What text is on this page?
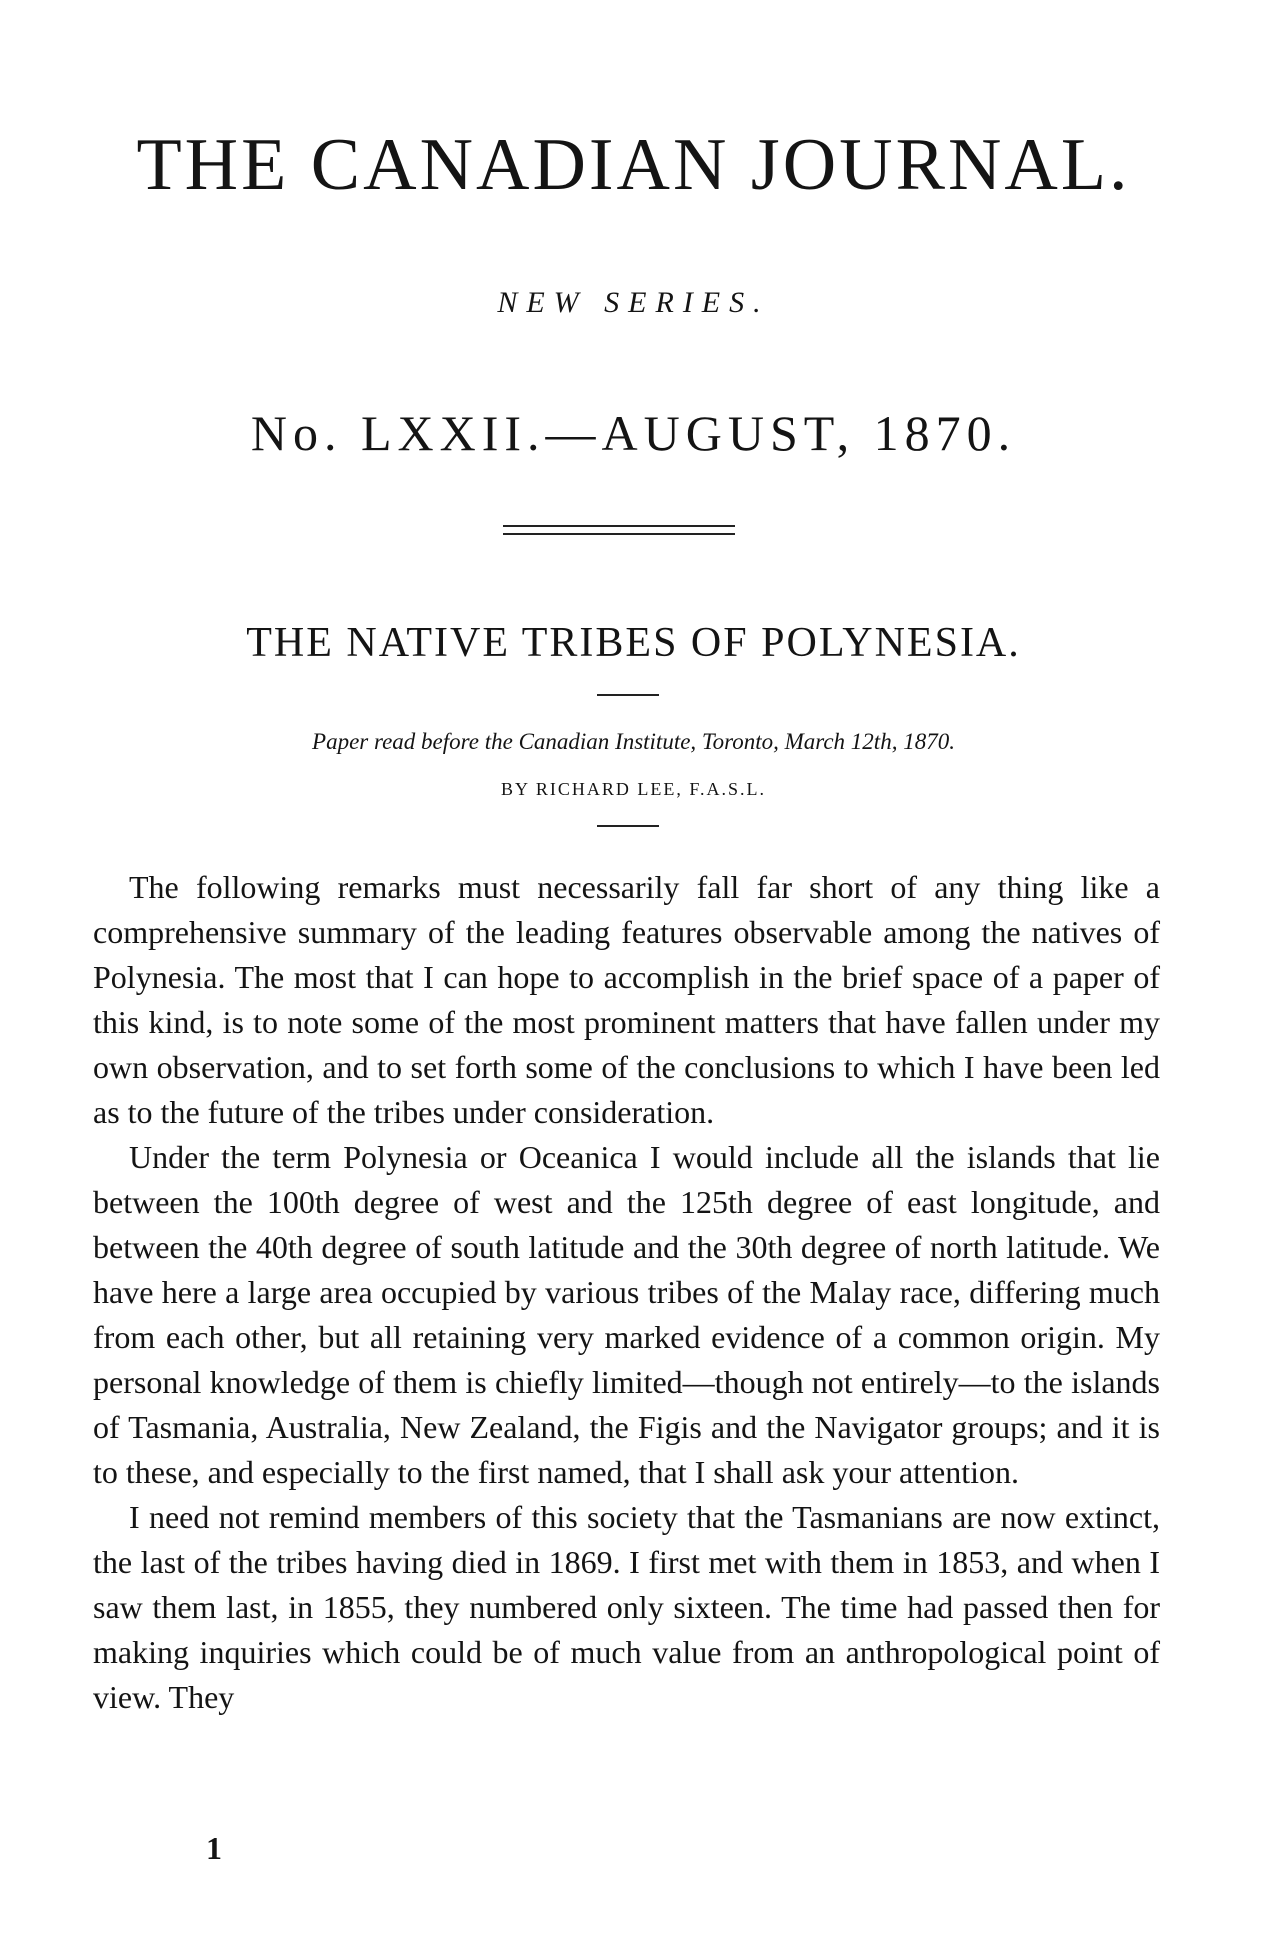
THE CANADIAN JOURNAL.
NEW SERIES.
No. LXXII.—AUGUST, 1870.
THE NATIVE TRIBES OF POLYNESIA.
Paper read before the Canadian Institute, Toronto, March 12th, 1870.
BY RICHARD LEE, F.A.S.L.

The following remarks must necessarily fall far short of any thing like a comprehensive summary of the leading features observable among the natives of Polynesia. The most that I can hope to accomplish in the brief space of a paper of this kind, is to note some of the most prominent matters that have fallen under my own observation, and to set forth some of the conclusions to which I have been led as to the future of the tribes under consideration.

Under the term Polynesia or Oceanica I would include all the islands that lie between the 100th degree of west and the 125th degree of east longitude, and between the 40th degree of south latitude and the 30th degree of north latitude. We have here a large area occupied by various tribes of the Malay race, differing much from each other, but all retaining very marked evidence of a common origin. My personal knowledge of them is chiefly limited—though not entirely—to the islands of Tasmania, Australia, New Zealand, the Figis and the Navigator groups; and it is to these, and especially to the first named, that I shall ask your attention.

I need not remind members of this society that the Tasmanians are now extinct, the last of the tribes having died in 1869. I first met with them in 1853, and when I saw them last, in 1855, they numbered only sixteen. The time had passed then for making inquiries which could be of much value from an anthropological point of view. They

1
